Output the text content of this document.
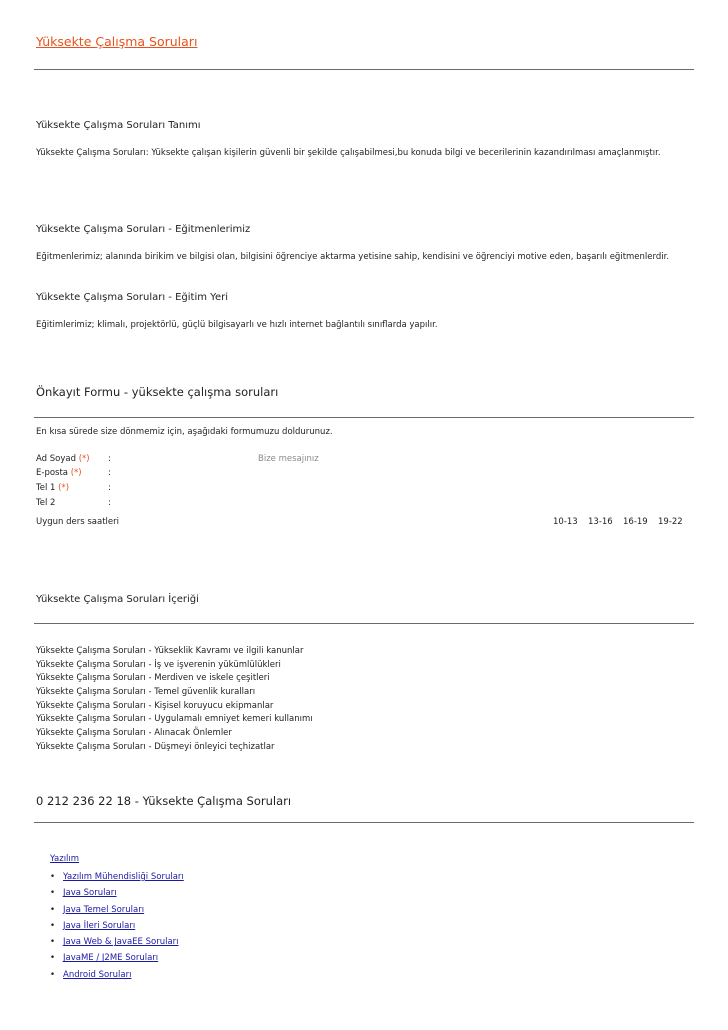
Yüksekte Çalışma Soruları
Yüksekte Çalışma Soruları Tanımı
Yüksekte Çalışma Soruları: Yüksekte çalışan kişilerin güvenli bir şekilde çalışabilmesi,bu konuda bilgi ve becerilerinin kazandırılması amaçlanmıştır.
Yüksekte Çalışma Soruları - Eğitmenlerimiz
Eğitmenlerimiz; alanında birikim ve bilgisi olan, bilgisini öğrenciye aktarma yetisine sahip, kendisini ve öğrenciyi motive eden, başarılı eğitmenlerdir.
Yüksekte Çalışma Soruları - Eğitim Yeri
Eğitimlerimiz; klimalı, projektörlü, güçlü bilgisayarlı ve hızlı internet bağlantılı sınıflarda yapılır.
Önkayıt Formu - yüksekte çalışma soruları
En kısa sürede size dönmemiz için, aşağıdaki formumuzu doldurunuz.
Ad Soyad (*) :
E-posta (*)	:
Tel 1 (*)	:
Tel 2	:
Bize mesajınız
Uygun ders saatleri	10-13 13-16 16-19 19-22
Yüksekte Çalışma Soruları İçeriği
Yüksekte Çalışma Soruları - Yükseklik Kavramı ve ilgili kanunlar
Yüksekte Çalışma Soruları - İş ve işverenin yükümlülükleri
Yüksekte Çalışma Soruları - Merdiven ve iskele çeşitleri
Yüksekte Çalışma Soruları - Temel güvenlik kuralları
Yüksekte Çalışma Soruları - Kişisel koruyucu ekipmanlar
Yüksekte Çalışma Soruları - Uygulamalı emniyet kemeri kullanımı
Yüksekte Çalışma Soruları - Alınacak Önlemler
Yüksekte Çalışma Soruları - Düşmeyi önleyici teçhizatlar
0 212 236 22 18 - Yüksekte Çalışma Soruları
Yazılım
• Yazılım Mühendisliği Soruları
• Java Soruları
• Java Temel Soruları
• Java İleri Soruları
• Java Web & JavaEE Soruları
• JavaME / J2ME Soruları
• Android Soruları
